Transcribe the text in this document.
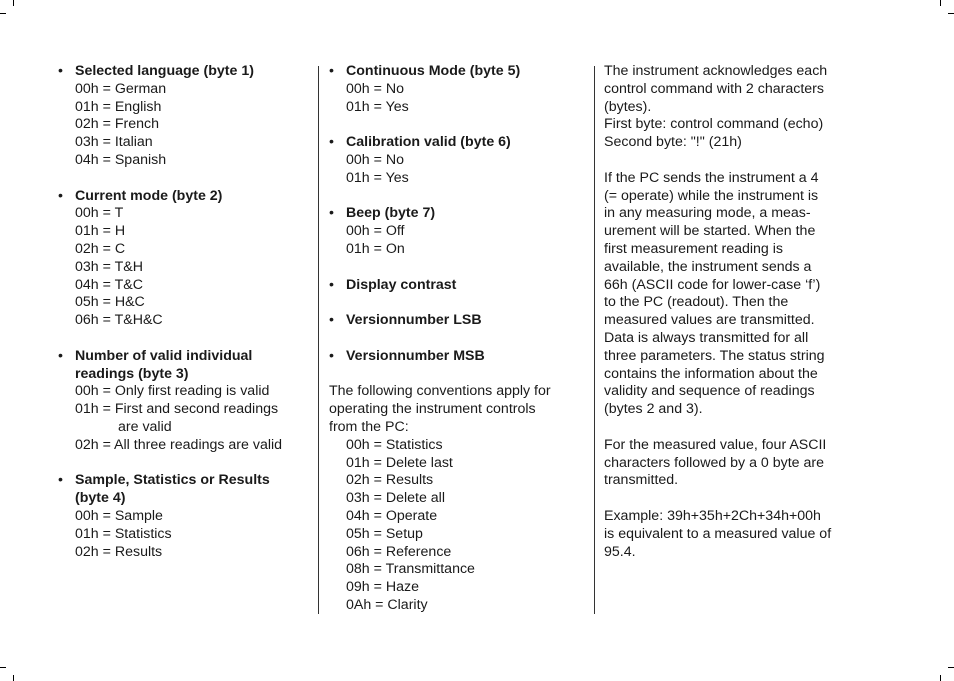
• Selected language (byte 1)
00h = German
01h = English
02h = French
03h = Italian
04h = Spanish
• Current mode (byte 2)
00h = T
01h = H
02h = C
03h = T&H
04h = T&C
05h = H&C
06h = T&H&C
• Number of valid individual
readings (byte 3)
00h = Only first reading is valid
01h = First and second readings
are valid
02h = All three readings are valid
• Sample, Statistics or Results
(byte 4)
00h = Sample
01h = Statistics
02h = Results
• Continuous Mode (byte 5)
00h = No
01h = Yes
• Calibration valid (byte 6)
00h = No
01h = Yes
• Beep (byte 7)
00h = Off
01h = On
• Display contrast
• Versionnumber LSB
• Versionnumber MSB
The following conventions apply for
operating the instrument controls
from the PC:
00h = Statistics
01h = Delete last
02h = Results
03h = Delete all
04h = Operate
05h = Setup
06h = Reference
08h = Transmittance
09h = Haze
0Ah = Clarity
The instrument acknowledges each
control command with 2 characters
(bytes).
First byte: control command (echo)
Second byte: "!" (21h)
If the PC sends the instrument a 4
(= operate) while the instrument is
in any measuring mode, a meas-
urement will be started. When the
first measurement reading is
available, the instrument sends a
66h (ASCII code for lower-case ‘f’)
to the PC (readout). Then the
measured values are transmitted.
Data is always transmitted for all
three parameters. The status string
contains the information about the
validity and sequence of readings
(bytes 2 and 3).
For the measured value, four ASCII
characters followed by a 0 byte are
transmitted.
Example: 39h+35h+2Ch+34h+00h
is equivalent to a measured value of
95.4.
